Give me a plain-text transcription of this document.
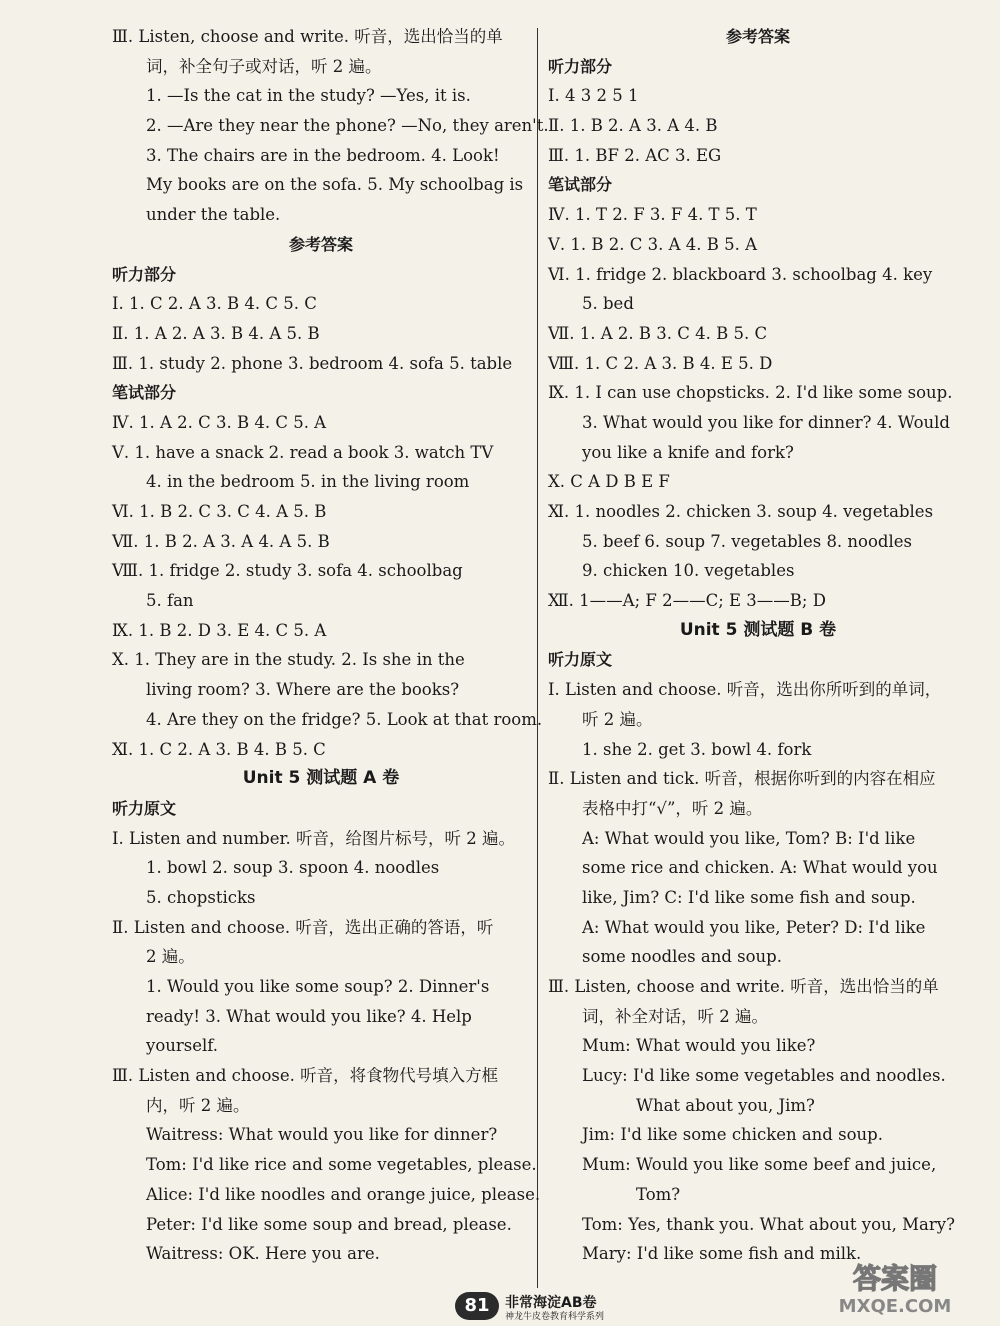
Ⅲ. Listen, choose and write. 听音，选出恰当的单
词，补全句子或对话，听 2 遍。
1. —Is the cat in the study? —Yes, it is.
2. —Are they near the phone? —No, they aren't.
3. The chairs are in the bedroom. 4. Look!
My books are on the sofa. 5. My schoolbag is
under the table.
参考答案
听力部分
Ⅰ. 1. C 2. A 3. B 4. C 5. C
Ⅱ. 1. A 2. A 3. B 4. A 5. B
Ⅲ. 1. study 2. phone 3. bedroom 4. sofa 5. table
笔试部分
Ⅳ. 1. A 2. C 3. B 4. C 5. A
Ⅴ. 1. have a snack 2. read a book 3. watch TV
4. in the bedroom 5. in the living room
Ⅵ. 1. B 2. C 3. C 4. A 5. B
Ⅶ. 1. B 2. A 3. A 4. A 5. B
Ⅷ. 1. fridge 2. study 3. sofa 4. schoolbag
5. fan
Ⅸ. 1. B 2. D 3. E 4. C 5. A
Ⅹ. 1. They are in the study. 2. Is she in the
living room? 3. Where are the books?
4. Are they on the fridge? 5. Look at that room.
Ⅺ. 1. C 2. A 3. B 4. B 5. C
Unit 5 测试题 A 卷
听力原文
Ⅰ. Listen and number. 听音，给图片标号，听 2 遍。
1. bowl 2. soup 3. spoon 4. noodles
5. chopsticks
Ⅱ. Listen and choose. 听音，选出正确的答语，听
2 遍。
1. Would you like some soup? 2. Dinner's
ready! 3. What would you like? 4. Help
yourself.
Ⅲ. Listen and choose. 听音，将食物代号填入方框
内，听 2 遍。
Waitress: What would you like for dinner?
Tom: I'd like rice and some vegetables, please.
Alice: I'd like noodles and orange juice, please.
Peter: I'd like some soup and bread, please.
Waitress: OK. Here you are.
参考答案
听力部分
Ⅰ. 4 3 2 5 1
Ⅱ. 1. B 2. A 3. A 4. B
Ⅲ. 1. BF 2. AC 3. EG
笔试部分
Ⅳ. 1. T 2. F 3. F 4. T 5. T
Ⅴ. 1. B 2. C 3. A 4. B 5. A
Ⅵ. 1. fridge 2. blackboard 3. schoolbag 4. key
5. bed
Ⅶ. 1. A 2. B 3. C 4. B 5. C
Ⅷ. 1. C 2. A 3. B 4. E 5. D
Ⅸ. 1. I can use chopsticks. 2. I'd like some soup.
3. What would you like for dinner? 4. Would
you like a knife and fork?
Ⅹ. C A D B E F
Ⅺ. 1. noodles 2. chicken 3. soup 4. vegetables
5. beef 6. soup 7. vegetables 8. noodles
9. chicken 10. vegetables
Ⅻ. 1——A; F 2——C; E 3——B; D
Unit 5 测试题 B 卷
听力原文
Ⅰ. Listen and choose. 听音，选出你所听到的单词，
听 2 遍。
1. she 2. get 3. bowl 4. fork
Ⅱ. Listen and tick. 听音，根据你听到的内容在相应
表格中打“√”，听 2 遍。
A: What would you like, Tom? B: I'd like
some rice and chicken. A: What would you
like, Jim? C: I'd like some fish and soup.
A: What would you like, Peter? D: I'd like
some noodles and soup.
Ⅲ. Listen, choose and write. 听音，选出恰当的单
词，补全对话，听 2 遍。
Mum: What would you like?
Lucy: I'd like some vegetables and noodles.
What about you, Jim?
Jim: I'd like some chicken and soup.
Mum: Would you like some beef and juice,
Tom?
Tom: Yes, thank you. What about you, Mary?
Mary: I'd like some fish and milk.
81	非常海淀AB卷
神龙牛皮卷教育科学系列
答案圈
MXQE.COM
